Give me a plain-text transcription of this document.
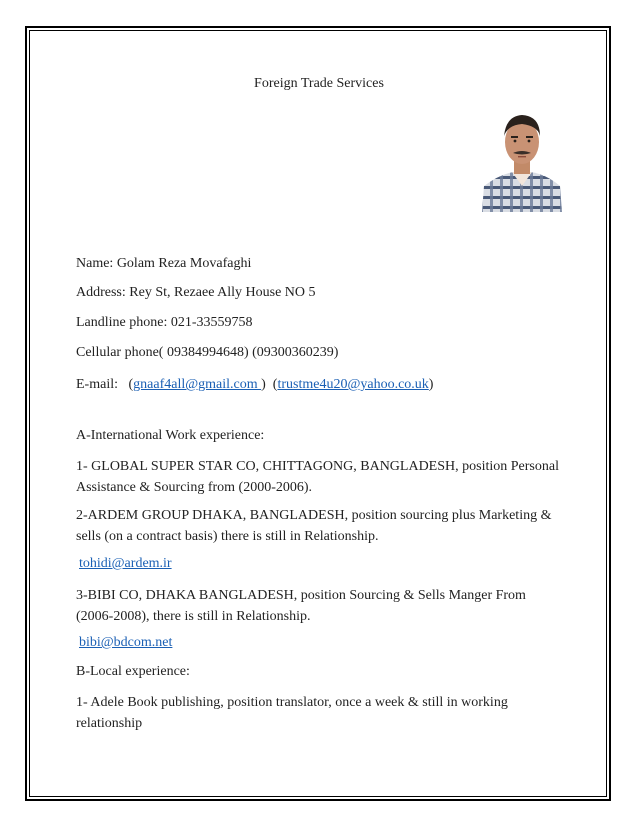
Foreign Trade Services
Name: Golam Reza Movafaghi
Address: Rey St, Rezaee Ally House NO 5
Landline phone: 021-33559758
Cellular phone( 09384994648) (09300360239)
E-mail:   (gnaaf4all@gmail.com )  (trustme4u20@yahoo.co.uk)
A-International Work experience:
1- GLOBAL SUPER STAR CO, CHITTAGONG, BANGLADESH, position Personal Assistance & Sourcing from (2000-2006).
2-ARDEM GROUP DHAKA, BANGLADESH, position sourcing plus Marketing & sells (on a contract basis) there is still in Relationship.
tohidi@ardem.ir
3-BIBI CO, DHAKA BANGLADESH, position Sourcing & Sells Manger From (2006-2008), there is still in Relationship.
bibi@bdcom.net
B-Local experience:
1- Adele Book publishing, position translator, once a week & still in working relationship
